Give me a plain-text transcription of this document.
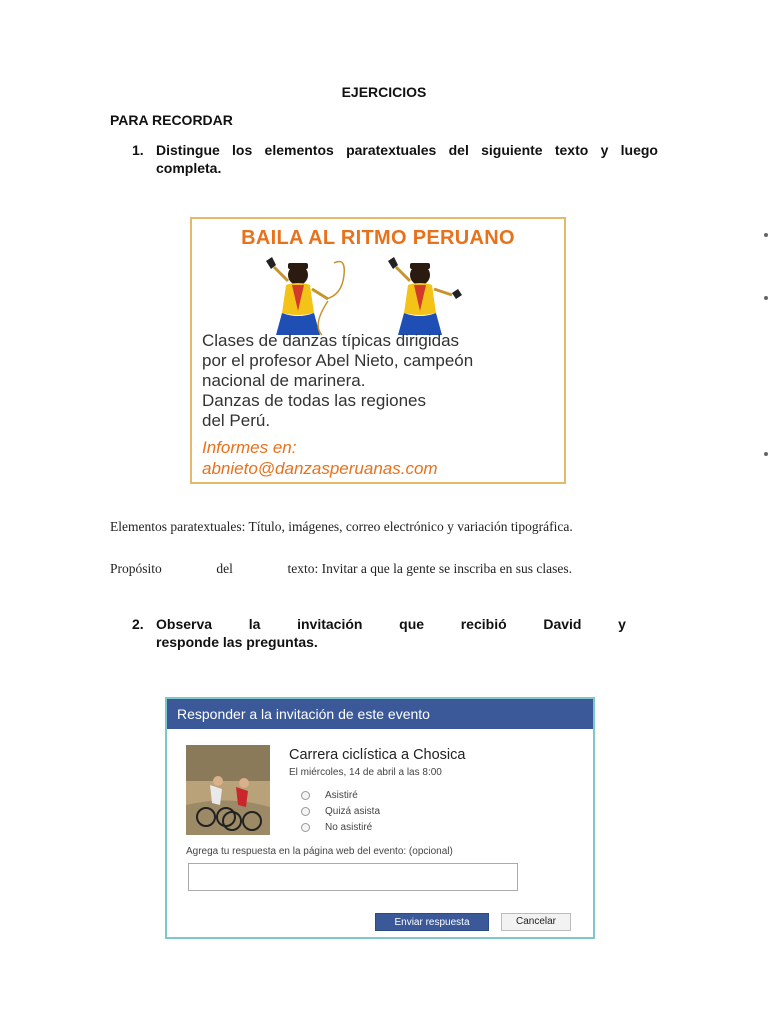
EJERCICIOS
PARA RECORDAR
1. Distingue los elementos paratextuales del siguiente texto y luego
completa.
BAILA AL RITMO PERUANO
Clases de danzas típicas dirigidas
por el profesor Abel Nieto, campeón
nacional de marinera.
Danzas de todas las regiones
del Perú.
Informes en:
abnieto@danzasperuanas.com
Elementos paratextuales: Título, imágenes, correo electrónico y variación tipográfica.
Propósito	del	texto: Invitar a que la gente se inscriba en sus clases.
2. Observa	la	invitación	que	recibió	David	y
responde las preguntas.
Responder a la invitación de este evento
Carrera ciclística a Chosica
El miércoles, 14 de abril a las 8:00
Asistiré
Quizá asista
No asistiré
Agrega tu respuesta en la página web del evento: (opcional)
Enviar respuesta	Cancelar
